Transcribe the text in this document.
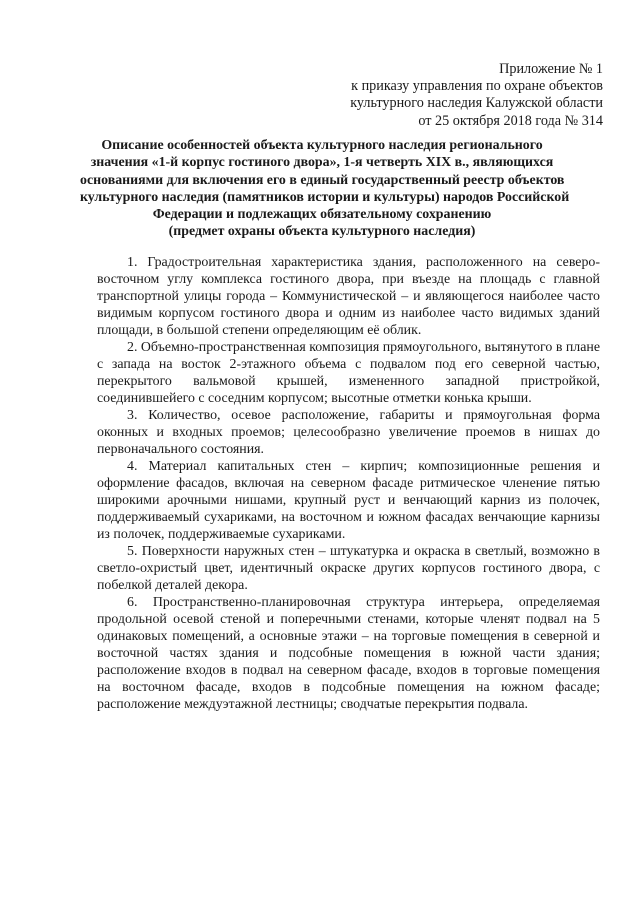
Приложение № 1
к приказу управления по охране объектов
культурного наследия Калужской области
от 25 октября 2018 года № 314
Описание особенностей объекта культурного наследия регионального
значения «1-й корпус гостиного двора», 1-я четверть XIX в., являющихся
основаниями для включения его в единый государственный реестр объектов
культурного наследия (памятников истории и культуры) народов Российской
Федерации и подлежащих обязательному сохранению
(предмет охраны объекта культурного наследия)

1. Градостроительная характеристика здания, расположенного на северо-восточном углу комплекса гостиного двора, при въезде на площадь с главной транспортной улицы города – Коммунистической – и являющегося наиболее часто видимым корпусом гостиного двора и одним из наиболее часто видимых зданий площади, в большой степени определяющим её облик.

2. Объемно-пространственная композиция прямоугольного, вытянутого в плане с запада на восток 2-этажного объема с подвалом под его северной частью, перекрытого вальмовой крышей, измененного западной пристройкой, соединившейего с соседним корпусом; высотные отметки конька крыши.

3. Количество, осевое расположение, габариты и прямоугольная форма оконных и входных проемов; целесообразно увеличение проемов в нишах до первоначального состояния.

4. Материал капитальных стен – кирпич; композиционные решения и оформление фасадов, включая на северном фасаде ритмическое членение пятью широкими арочными нишами, крупный руст и венчающий карниз из полочек, поддерживаемый сухариками, на восточном и южном фасадах венчающие карнизы из полочек, поддерживаемые сухариками.

5. Поверхности наружных стен – штукатурка и окраска в светлый, возможно в светло-охристый цвет, идентичный окраске других корпусов гостиного двора, с побелкой деталей декора.

6. Пространственно-планировочная структура интерьера, определяемая продольной осевой стеной и поперечными стенами, которые членят подвал на 5 одинаковых помещений, а основные этажи – на торговые помещения в северной и восточной частях здания и подсобные помещения в южной части здания; расположение входов в подвал на северном фасаде, входов в торговые помещения на восточном фасаде, входов в подсобные помещения на южном фасаде; расположение междуэтажной лестницы; сводчатые перекрытия подвала.
